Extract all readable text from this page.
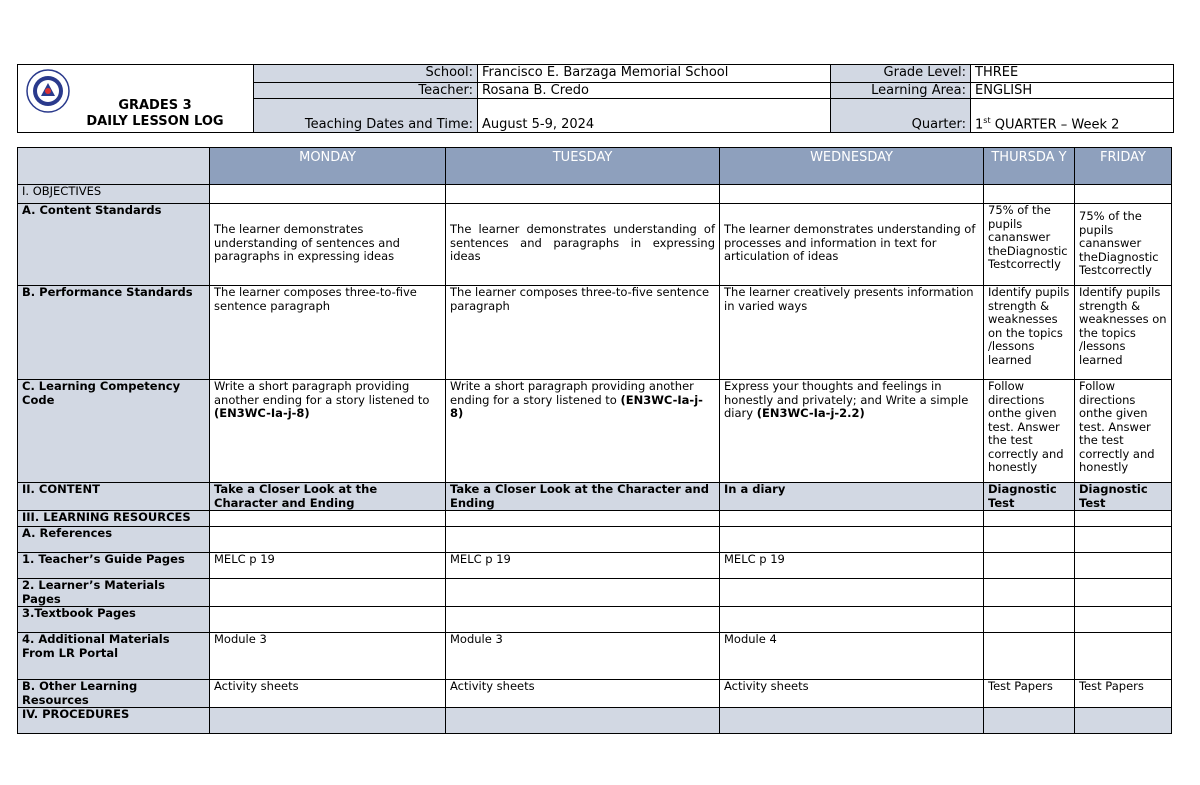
GRADES 3
DAILY LESSON LOG	School:	Francisco E. Barzaga Memorial School	Grade Level:	THREE
	Teacher:	Rosana B. Credo	Learning Area:	ENGLISH
	Teaching Dates and Time:	August 5-9, 2024	Quarter:	1st QUARTER – Week 2
	MONDAY	TUESDAY	WEDNESDAY	THURSDA Y	FRIDAY
I. OBJECTIVES					
A. Content Standards	The learner demonstrates understanding of sentences and paragraphs in expressing ideas	The learner demonstrates understanding of sentences and paragraphs in expressing ideas	The learner demonstrates understanding of processes and information in text for articulation of ideas	75% of the pupils cananswer theDiagnostic Testcorrectly	75% of the pupils cananswer theDiagnostic Testcorrectly
B. Performance Standards	The learner composes three-to-five sentence paragraph	The learner composes three-to-five sentence paragraph	The learner creatively presents information in varied ways	Identify pupils strength & weaknesses on the topics /lessons learned	Identify pupils strength & weaknesses on the topics /lessons learned
C. Learning Competency Code	Write a short paragraph providing another ending for a story listened to (EN3WC-Ia-j-8)	Write a short paragraph providing another ending for a story listened to (EN3WC-Ia-j-8)	Express your thoughts and feelings in honestly and privately; and Write a simple diary (EN3WC-Ia-j-2.2)	Follow directions onthe given test. Answer the test correctly and honestly	Follow directions onthe given test. Answer the test correctly and honestly
II. CONTENT	Take a Closer Look at the Character and Ending	Take a Closer Look at the Character and Ending	In a diary	Diagnostic Test	Diagnostic Test
III. LEARNING RESOURCES					
A. References					
1. Teacher’s Guide Pages	MELC p 19	MELC p 19	MELC p 19		
2. Learner’s Materials Pages					
3.Textbook Pages					
4. Additional Materials From LR Portal	Module 3	Module 3	Module 4		
B. Other Learning Resources	Activity sheets	Activity sheets	Activity sheets	Test Papers	Test Papers
IV. PROCEDURES					
